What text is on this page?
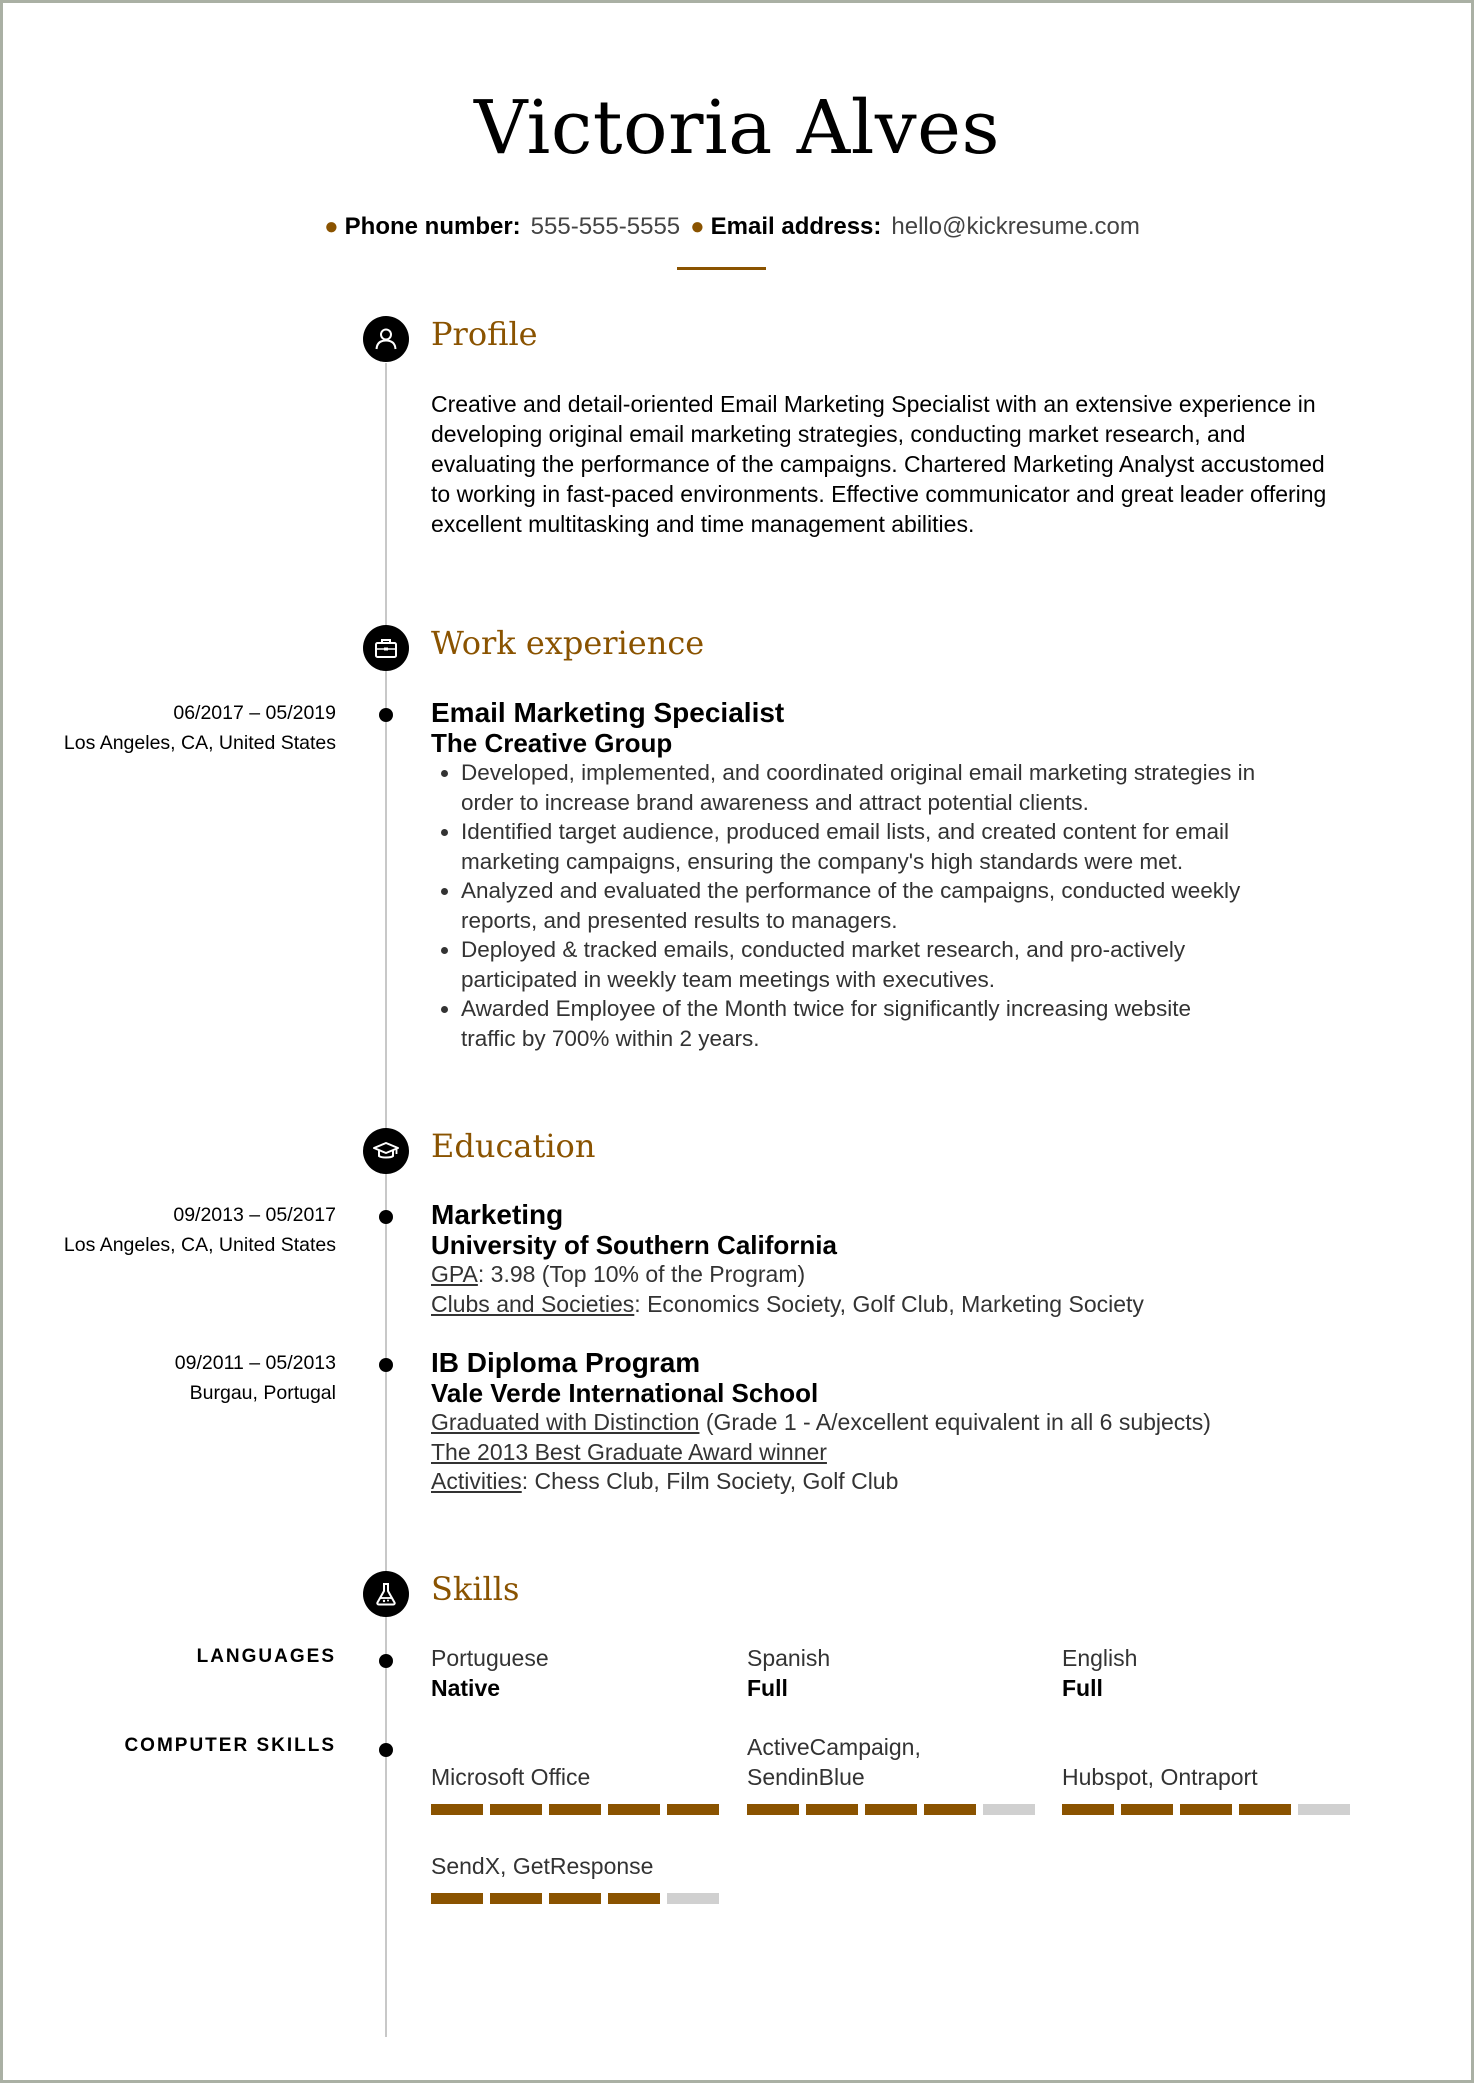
Victoria Alves
● Phone number: 555-555-5555 ● Email address: hello@kickresume.com
Profile
Creative and detail-oriented Email Marketing Specialist with an extensive experience in
developing original email marketing strategies, conducting market research, and
evaluating the performance of the campaigns. Chartered Marketing Analyst accustomed
to working in fast-paced environments. Effective communicator and great leader offering
excellent multitasking and time management abilities.
Work experience
06/2017 – 05/2019
Los Angeles, CA, United States
Email Marketing Specialist
The Creative Group
• Developed, implemented, and coordinated original email marketing strategies in
order to increase brand awareness and attract potential clients.
• Identified target audience, produced email lists, and created content for email
marketing campaigns, ensuring the company's high standards were met.
• Analyzed and evaluated the performance of the campaigns, conducted weekly
reports, and presented results to managers.
• Deployed & tracked emails, conducted market research, and pro-actively
participated in weekly team meetings with executives.
• Awarded Employee of the Month twice for significantly increasing website
traffic by 700% within 2 years.
Education
09/2013 – 05/2017
Los Angeles, CA, United States
Marketing
University of Southern California
GPA: 3.98 (Top 10% of the Program)
Clubs and Societies: Economics Society, Golf Club, Marketing Society
09/2011 – 05/2013
Burgau, Portugal
IB Diploma Program
Vale Verde International School
Graduated with Distinction (Grade 1 - A/excellent equivalent in all 6 subjects)
The 2013 Best Graduate Award winner
Activities: Chess Club, Film Society, Golf Club
Skills
LANGUAGES	Portuguese
Native
Spanish
Full
English
Full
COMPUTER SKILLS
Microsoft Office
ActiveCampaign,
SendinBlue	Hubspot, Ontraport
SendX, GetResponse
